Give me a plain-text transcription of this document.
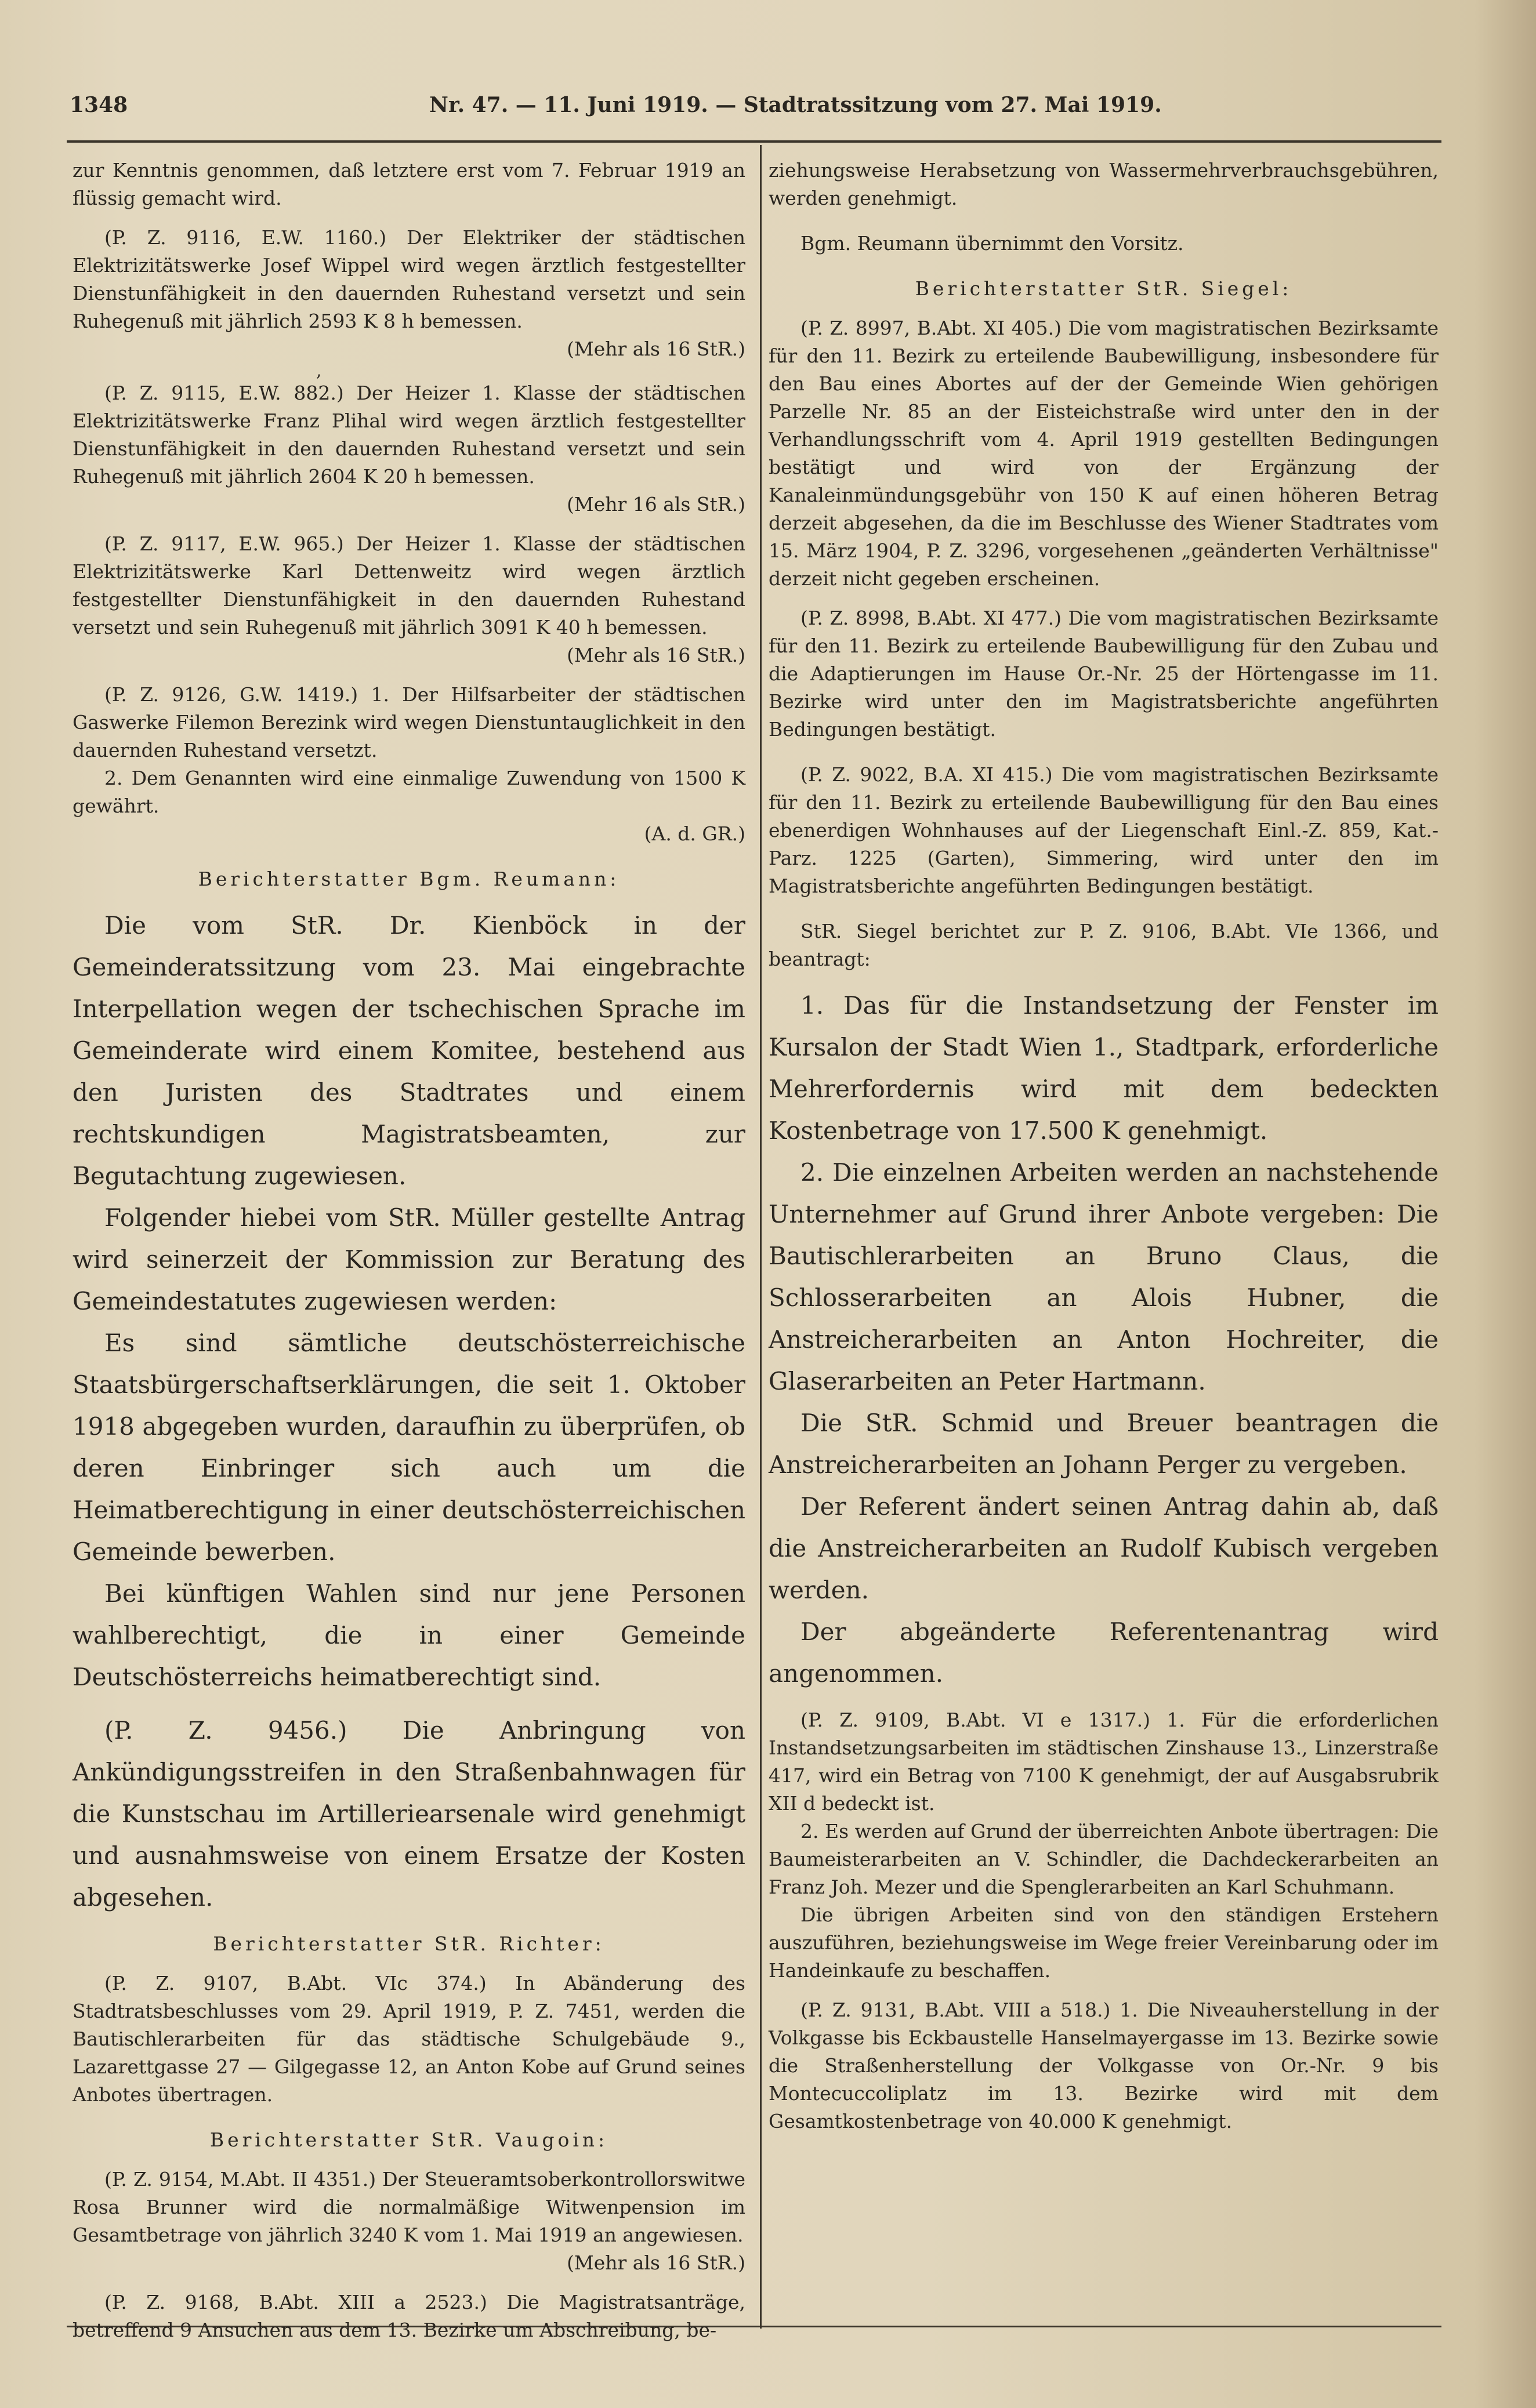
1348	Nr. 47. — 11. Juni 1919. — Stadtratssitzung vom 27. Mai 1919.

zur Kenntnis genommen, daß letztere erst vom 7. Februar 1919 an flüssig gemacht wird.

(P. Z. 9116, E.W. 1160.) Der Elektriker der städtischen Elektrizitätswerke Josef Wippel wird wegen ärztlich festgestellter Dienstunfähigkeit in den dauernden Ruhestand versetzt und sein Ruhegenuß mit jährlich 2593 K 8 h bemessen.

(Mehr als 16 StR.)

,

(P. Z. 9115, E.W. 882.) Der Heizer 1. Klasse der städtischen Elektrizitätswerke Franz Plihal wird wegen ärztlich festgestellter Dienstunfähigkeit in den dauernden Ruhestand versetzt und sein Ruhegenuß mit jährlich 2604 K 20 h bemessen.

(Mehr 16 als StR.)

(P. Z. 9117, E.W. 965.) Der Heizer 1. Klasse der städtischen Elektrizitätswerke Karl Dettenweitz wird wegen ärztlich festgestellter Dienstunfähigkeit in den dauernden Ruhestand versetzt und sein Ruhegenuß mit jährlich 3091 K 40 h bemessen.

(Mehr als 16 StR.)

(P. Z. 9126, G.W. 1419.) 1. Der Hilfsarbeiter der städtischen Gaswerke Filemon Berezink wird wegen Dienstuntauglichkeit in den dauernden Ruhestand versetzt.

2. Dem Genannten wird eine einmalige Zuwendung von 1500 K gewährt.

(A. d. GR.)

Berichterstatter Bgm. Reumann:

Die vom StR. Dr. Kienböck in der Gemeinderatssitzung vom 23. Mai eingebrachte Interpellation wegen der tschechischen Sprache im Gemeinderate wird einem Komitee, bestehend aus den Juristen des Stadtrates und einem rechtskundigen Magistratsbeamten, zur Begutachtung zugewiesen.

Folgender hiebei vom StR. Müller gestellte Antrag wird seinerzeit der Kommission zur Beratung des Gemeindestatutes zugewiesen werden:

Es sind sämtliche deutschösterreichische Staatsbürgerschaftserklärungen, die seit 1. Oktober 1918 abgegeben wurden, daraufhin zu überprüfen, ob deren Einbringer sich auch um die Heimatberechtigung in einer deutschösterreichischen Gemeinde bewerben.

Bei künftigen Wahlen sind nur jene Personen wahlberechtigt, die in einer Gemeinde Deutschösterreichs heimatberechtigt sind.

(P. Z. 9456.) Die Anbringung von Ankündigungsstreifen in den Straßenbahnwagen für die Kunstschau im Artilleriearsenale wird genehmigt und ausnahmsweise von einem Ersatze der Kosten abgesehen.

Berichterstatter StR. Richter:

(P. Z. 9107, B.Abt. VIc 374.) In Abänderung des Stadtratsbeschlusses vom 29. April 1919, P. Z. 7451, werden die Bautischlerarbeiten für das städtische Schulgebäude 9., Lazarettgasse 27 — Gilgegasse 12, an Anton Kobe auf Grund seines Anbotes übertragen.

Berichterstatter StR. Vaugoin:

(P. Z. 9154, M.Abt. II 4351.) Der Steueramtsoberkontrollorswitwe Rosa Brunner wird die normalmäßige Witwenpension im Gesamtbetrage von jährlich 3240 K vom 1. Mai 1919 an angewiesen.

(Mehr als 16 StR.)

(P. Z. 9168, B.Abt. XIII a 2523.) Die Magistratsanträge, betreffend 9 Ansuchen aus dem 13. Bezirke um Abschreibung, be-

ziehungsweise Herabsetzung von Wassermehrverbrauchsgebühren, werden genehmigt.

Bgm. Reumann übernimmt den Vorsitz.

Berichterstatter StR. Siegel:

(P. Z. 8997, B.Abt. XI 405.) Die vom magistratischen Bezirksamte für den 11. Bezirk zu erteilende Baubewilligung, insbesondere für den Bau eines Abortes auf der der Gemeinde Wien gehörigen Parzelle Nr. 85 an der Eisteichstraße wird unter den in der Verhandlungsschrift vom 4. April 1919 gestellten Bedingungen bestätigt und wird von der Ergänzung der Kanaleinmündungsgebühr von 150 K auf einen höheren Betrag derzeit abgesehen, da die im Beschlusse des Wiener Stadtrates vom 15. März 1904, P. Z. 3296, vorgesehenen „geänderten Verhältnisse" derzeit nicht gegeben erscheinen.

(P. Z. 8998, B.Abt. XI 477.) Die vom magistratischen Bezirksamte für den 11. Bezirk zu erteilende Baubewilligung für den Zubau und die Adaptierungen im Hause Or.-Nr. 25 der Hörtengasse im 11. Bezirke wird unter den im Magistratsberichte angeführten Bedingungen bestätigt.

(P. Z. 9022, B.A. XI 415.) Die vom magistratischen Bezirksamte für den 11. Bezirk zu erteilende Baubewilligung für den Bau eines ebenerdigen Wohnhauses auf der Liegenschaft Einl.-Z. 859, Kat.-Parz. 1225 (Garten), Simmering, wird unter den im Magistratsberichte angeführten Bedingungen bestätigt.

StR. Siegel berichtet zur P. Z. 9106, B.Abt. VIe 1366, und beantragt:

1. Das für die Instandsetzung der Fenster im Kursalon der Stadt Wien 1., Stadtpark, erforderliche Mehrerfordernis wird mit dem bedeckten Kostenbetrage von 17.500 K genehmigt.

2. Die einzelnen Arbeiten werden an nachstehende Unternehmer auf Grund ihrer Anbote vergeben: Die Bautischlerarbeiten an Bruno Claus, die Schlosserarbeiten an Alois Hubner, die Anstreicherarbeiten an Anton Hochreiter, die Glaserarbeiten an Peter Hartmann.

Die StR. Schmid und Breuer beantragen die Anstreicherarbeiten an Johann Perger zu vergeben.

Der Referent ändert seinen Antrag dahin ab, daß die Anstreicherarbeiten an Rudolf Kubisch vergeben werden.

Der abgeänderte Referentenantrag wird angenommen.

(P. Z. 9109, B.Abt. VI e 1317.) 1. Für die erforderlichen Instandsetzungsarbeiten im städtischen Zinshause 13., Linzerstraße 417, wird ein Betrag von 7100 K genehmigt, der auf Ausgabsrubrik XII d bedeckt ist.

2. Es werden auf Grund der überreichten Anbote übertragen: Die Baumeisterarbeiten an V. Schindler, die Dachdeckerarbeiten an Franz Joh. Mezer und die Spenglerarbeiten an Karl Schuhmann.

Die übrigen Arbeiten sind von den ständigen Erstehern auszuführen, beziehungsweise im Wege freier Vereinbarung oder im Handeinkaufe zu beschaffen.

(P. Z. 9131, B.Abt. VIII a 518.) 1. Die Niveauherstellung in der Volkgasse bis Eckbaustelle Hanselmayergasse im 13. Bezirke sowie die Straßenherstellung der Volkgasse von Or.-Nr. 9 bis Montecuccoliplatz im 13. Bezirke wird mit dem Gesamtkostenbetrage von 40.000 K genehmigt.
